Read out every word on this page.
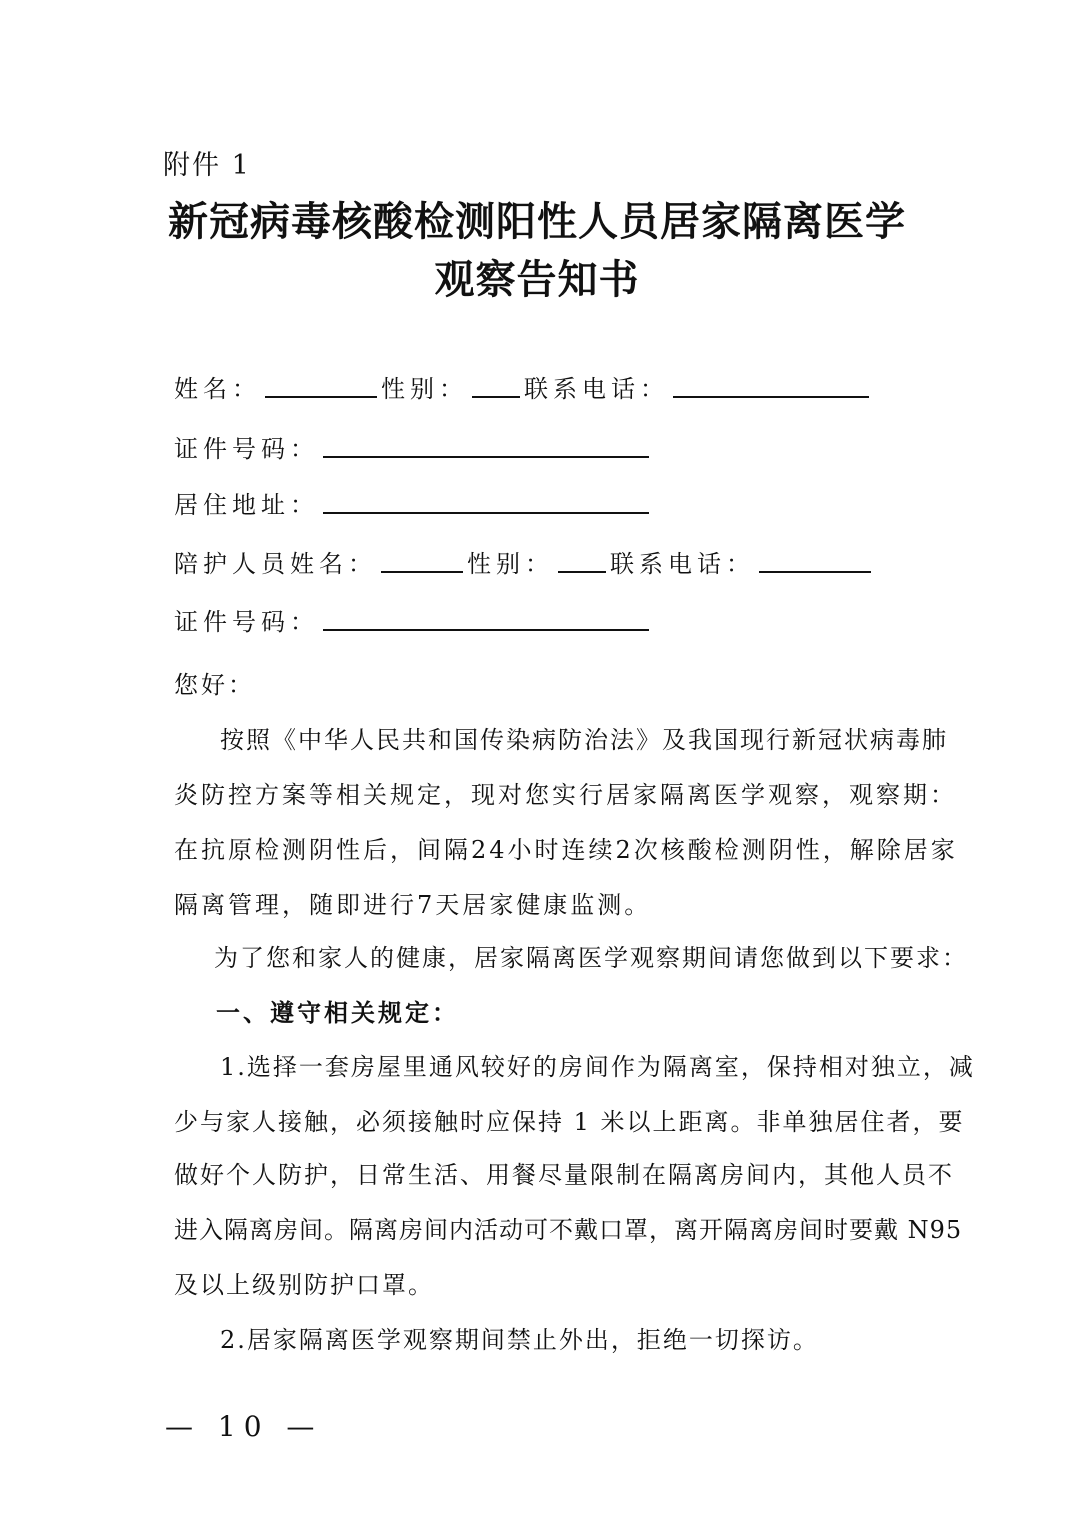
附件 1
新冠病毒核酸检测阳性人员居家隔离医学
观察告知书
姓名：	性别： 联系电话：
证件号码：
居住地址：
陪护人员姓名：	性别： 联系电话：
证件号码：
您好：
按照《中华人民共和国传染病防治法》及我国现行新冠状病毒肺
炎防控方案等相关规定，现对您实行居家隔离医学观察，观察期：
在抗原检测阴性后，间隔24小时连续2次核酸检测阴性，解除居家
隔离管理，随即进行7天居家健康监测。
为了您和家人的健康，居家隔离医学观察期间请您做到以下要求：
一、遵守相关规定：
1.选择一套房屋里通风较好的房间作为隔离室，保持相对独立，减
少与家人接触，必须接触时应保持 1 米以上距离。非单独居住者，要
做好个人防护，日常生活、用餐尽量限制在隔离房间内，其他人员不
进入隔离房间。隔离房间内活动可不戴口罩，离开隔离房间时要戴 N95
及以上级别防护口罩。
2.居家隔离医学观察期间禁止外出，拒绝一切探访。
— 10 —
